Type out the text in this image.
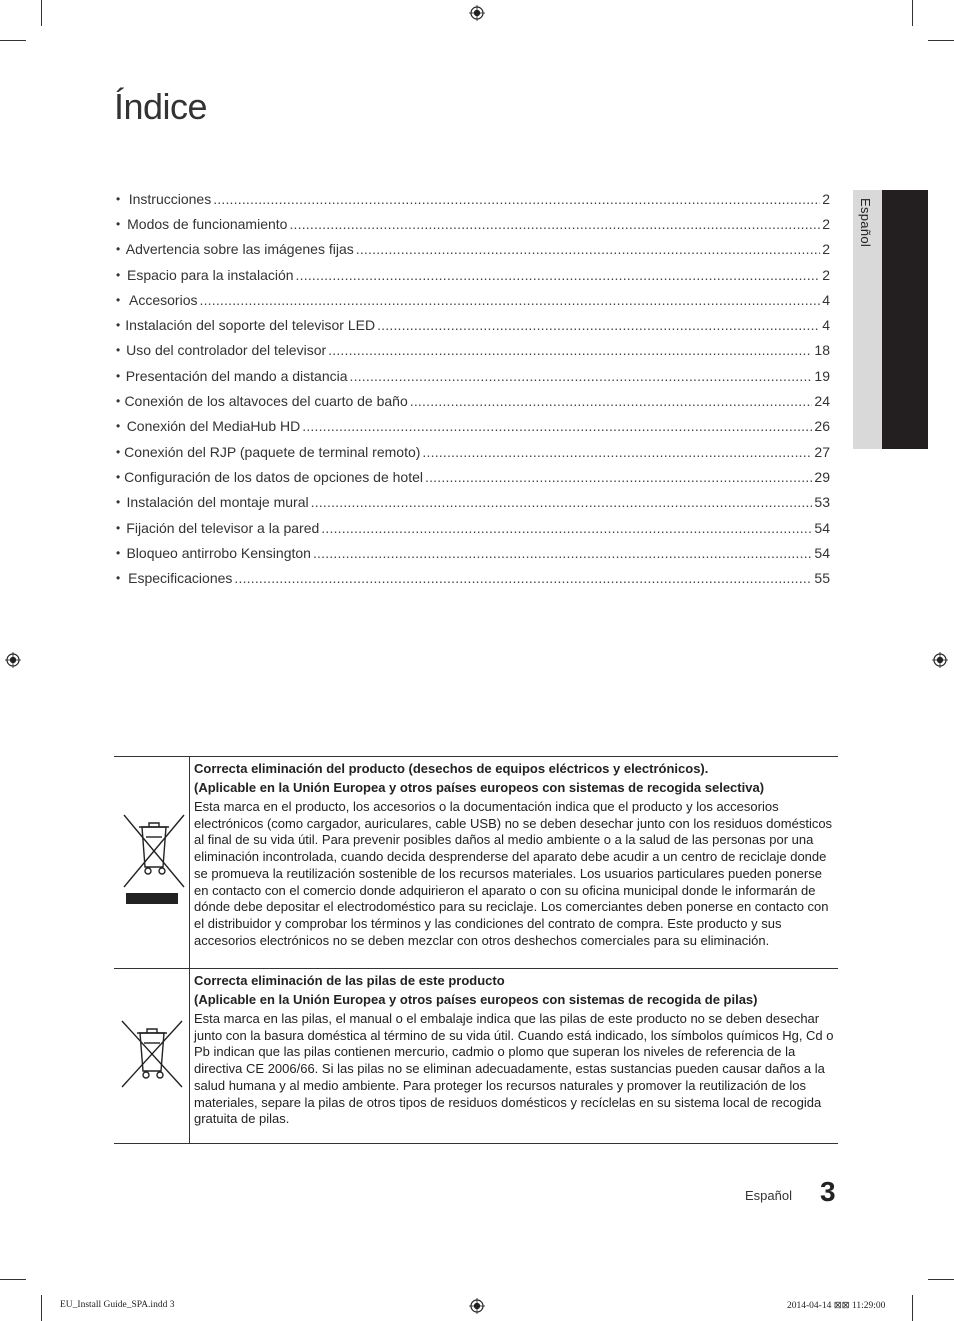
Índice
• Instrucciones .....	2
• Modos de funcionamiento .....	2
• Advertencia sobre las imágenes fijas .....	2
• Espacio para la instalación .....	2
• Accesorios .....	4
• Instalación del soporte del televisor LED .....	4
• Uso del controlador del televisor .....	18
• Presentación del mando a distancia .....	19
• Conexión de los altavoces del cuarto de baño .....	24
• Conexión del MediaHub HD .....	26
• Conexión del RJP (paquete de terminal remoto) .....	27
• Configuración de los datos de opciones de hotel .....	29
• Instalación del montaje mural .....	53
• Fijación del televisor a la pared .....	54
• Bloqueo antirrobo Kensington .....	54
• Especificaciones .....	55
Español
Correcta eliminación del producto (desechos de equipos eléctricos y electrónicos).
(Aplicable en la Unión Europea y otros países europeos con sistemas de recogida selectiva)

Esta marca en el producto, los accesorios o la documentación indica que el producto y los accesorios electrónicos (como cargador, auriculares, cable USB) no se deben desechar junto con los residuos domésticos al final de su vida útil. Para prevenir posibles daños al medio ambiente o a la salud de las personas por una eliminación incontrolada, cuando decida desprenderse del aparato debe acudir a un centro de reciclaje donde se promueva la reutilización sostenible de los recursos materiales. Los usuarios particulares pueden ponerse en contacto con el comercio donde adquirieron el aparato o con su oficina municipal donde le informarán de dónde debe depositar el electrodoméstico para su reciclaje. Los comerciantes deben ponerse en contacto con el distribuidor y comprobar los términos y las condiciones del contrato de compra. Este producto y sus accesorios electrónicos no se deben mezclar con otros deshechos comerciales para su eliminación.

Correcta eliminación de las pilas de este producto
(Aplicable en la Unión Europea y otros países europeos con sistemas de recogida de pilas)

Esta marca en las pilas, el manual o el embalaje indica que las pilas de este producto no se deben desechar junto con la basura doméstica al término de su vida útil. Cuando está indicado, los símbolos químicos Hg, Cd o Pb indican que las pilas contienen mercurio, cadmio o plomo que superan los niveles de referencia de la directiva CE 2006/66. Si las pilas no se eliminan adecuadamente, estas sustancias pueden causar daños a la salud humana y al medio ambiente. Para proteger los recursos naturales y promover la reutilización de los materiales, separe la pilas de otros tipos de residuos domésticos y recíclelas en su sistema local de recogida gratuita de pilas.

Español 3
EU_Install Guide_SPA.indd 3	2014-04-14 ⊠⊠ 11:29:00
